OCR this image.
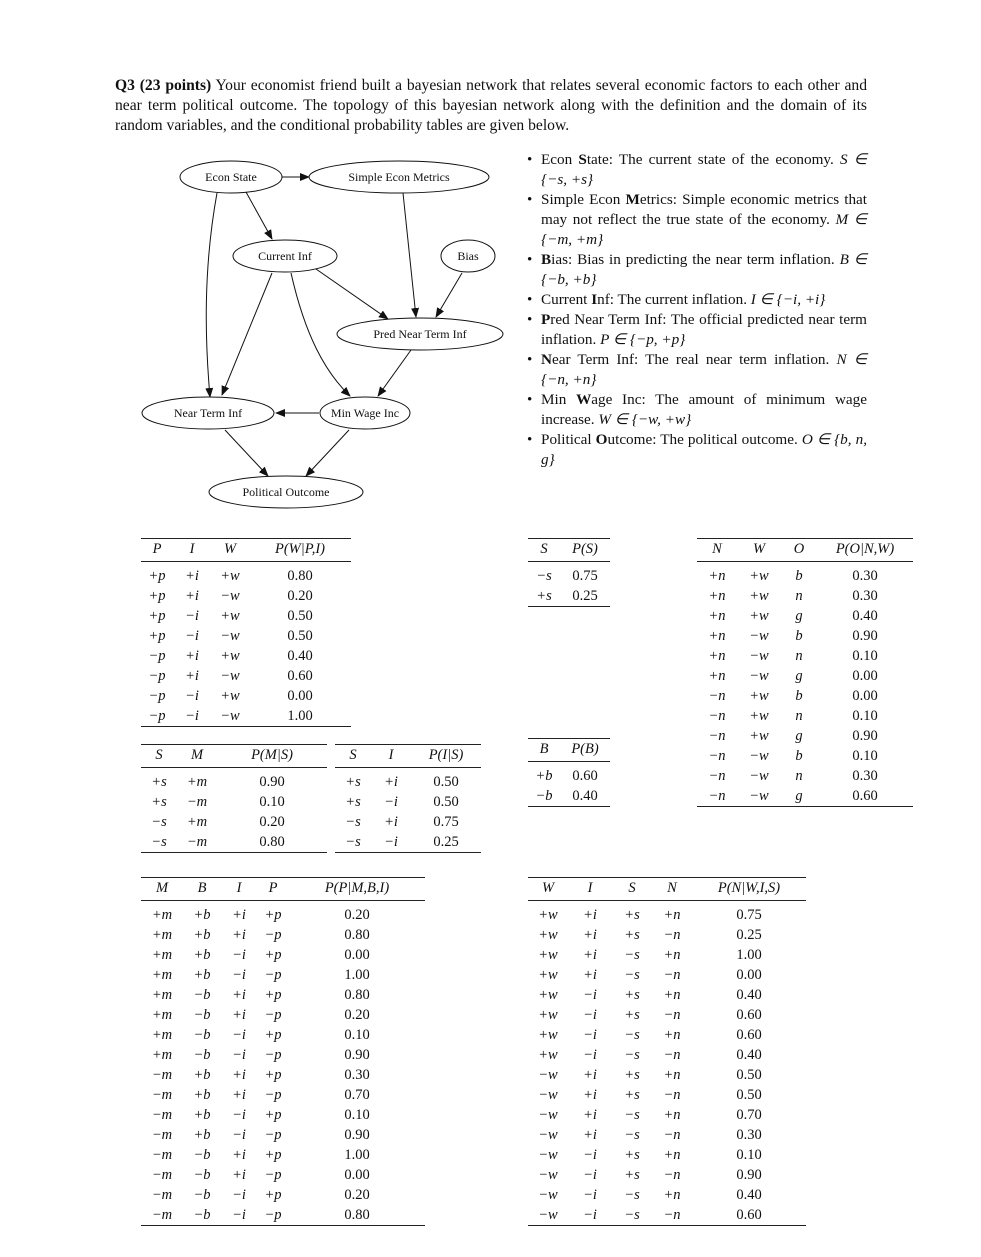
Q3 (23 points) Your economist friend built a bayesian network that relates several economic factors to each other and near term political outcome. The topology of this bayesian network along with the definition and the domain of its random variables, and the conditional probability tables are given below.
Econ State	Simple Econ Metrics
Current Inf	Bias
Pred Near Term Inf
Near Term Inf	Min Wage Inc
Political Outcome
• Econ State: The current state of the economy. S ∈ {−s, +s}
• Simple Econ Metrics: Simple economic metrics that may not reflect the true state of the economy. M ∈ {−m, +m}
• Bias: Bias in predicting the near term inflation. B ∈ {−b, +b}
• Current Inf: The current inflation. I ∈ {−i, +i}
• Pred Near Term Inf: The official predicted near term inflation. P ∈ {−p, +p}
• Near Term Inf: The real near term inflation. N ∈ {−n, +n}
• Min Wage Inc: The amount of minimum wage increase. W ∈ {−w, +w}
• Political Outcome: The political outcome. O ∈ {b, n, g}
P	I	W	P(W|P,I)
+p	+i	+w	0.80
+p	+i	−w	0.20
+p	−i	+w	0.50
+p	−i	−w	0.50
−p	+i	+w	0.40
−p	+i	−w	0.60
−p	−i	+w	0.00
−p	−i	−w	1.00
S	P(S)
−s	0.75
+s	0.25
N	W	O	P(O|N,W)
+n	+w	b	0.30
+n	+w	n	0.30
+n	+w	g	0.40
+n	−w	b	0.90
+n	−w	n	0.10
+n	−w	g	0.00
−n	+w	b	0.00
−n	+w	n	0.10
−n	+w	g	0.90
−n	−w	b	0.10
−n	−w	n	0.30
−n	−w	g	0.60
S	M	P(M|S)
+s	+m	0.90
+s	−m	0.10
−s	+m	0.20
−s	−m	0.80
S	I	P(I|S)
+s	+i	0.50
+s	−i	0.50
−s	+i	0.75
−s	−i	0.25
B	P(B)
+b	0.60
−b	0.40
M	B	I	P	P(P|M,B,I)
+m	+b	+i	+p	0.20
+m	+b	+i	−p	0.80
+m	+b	−i	+p	0.00
+m	+b	−i	−p	1.00
+m	−b	+i	+p	0.80
+m	−b	+i	−p	0.20
+m	−b	−i	+p	0.10
+m	−b	−i	−p	0.90
−m	+b	+i	+p	0.30
−m	+b	+i	−p	0.70
−m	+b	−i	+p	0.10
−m	+b	−i	−p	0.90
−m	−b	+i	+p	1.00
−m	−b	+i	−p	0.00
−m	−b	−i	+p	0.20
−m	−b	−i	−p	0.80
W	I	S	N	P(N|W,I,S)
+w	+i	+s	+n	0.75
+w	+i	+s	−n	0.25
+w	+i	−s	+n	1.00
+w	+i	−s	−n	0.00
+w	−i	+s	+n	0.40
+w	−i	+s	−n	0.60
+w	−i	−s	+n	0.60
+w	−i	−s	−n	0.40
−w	+i	+s	+n	0.50
−w	+i	+s	−n	0.50
−w	+i	−s	+n	0.70
−w	+i	−s	−n	0.30
−w	−i	+s	+n	0.10
−w	−i	+s	−n	0.90
−w	−i	−s	+n	0.40
−w	−i	−s	−n	0.60
